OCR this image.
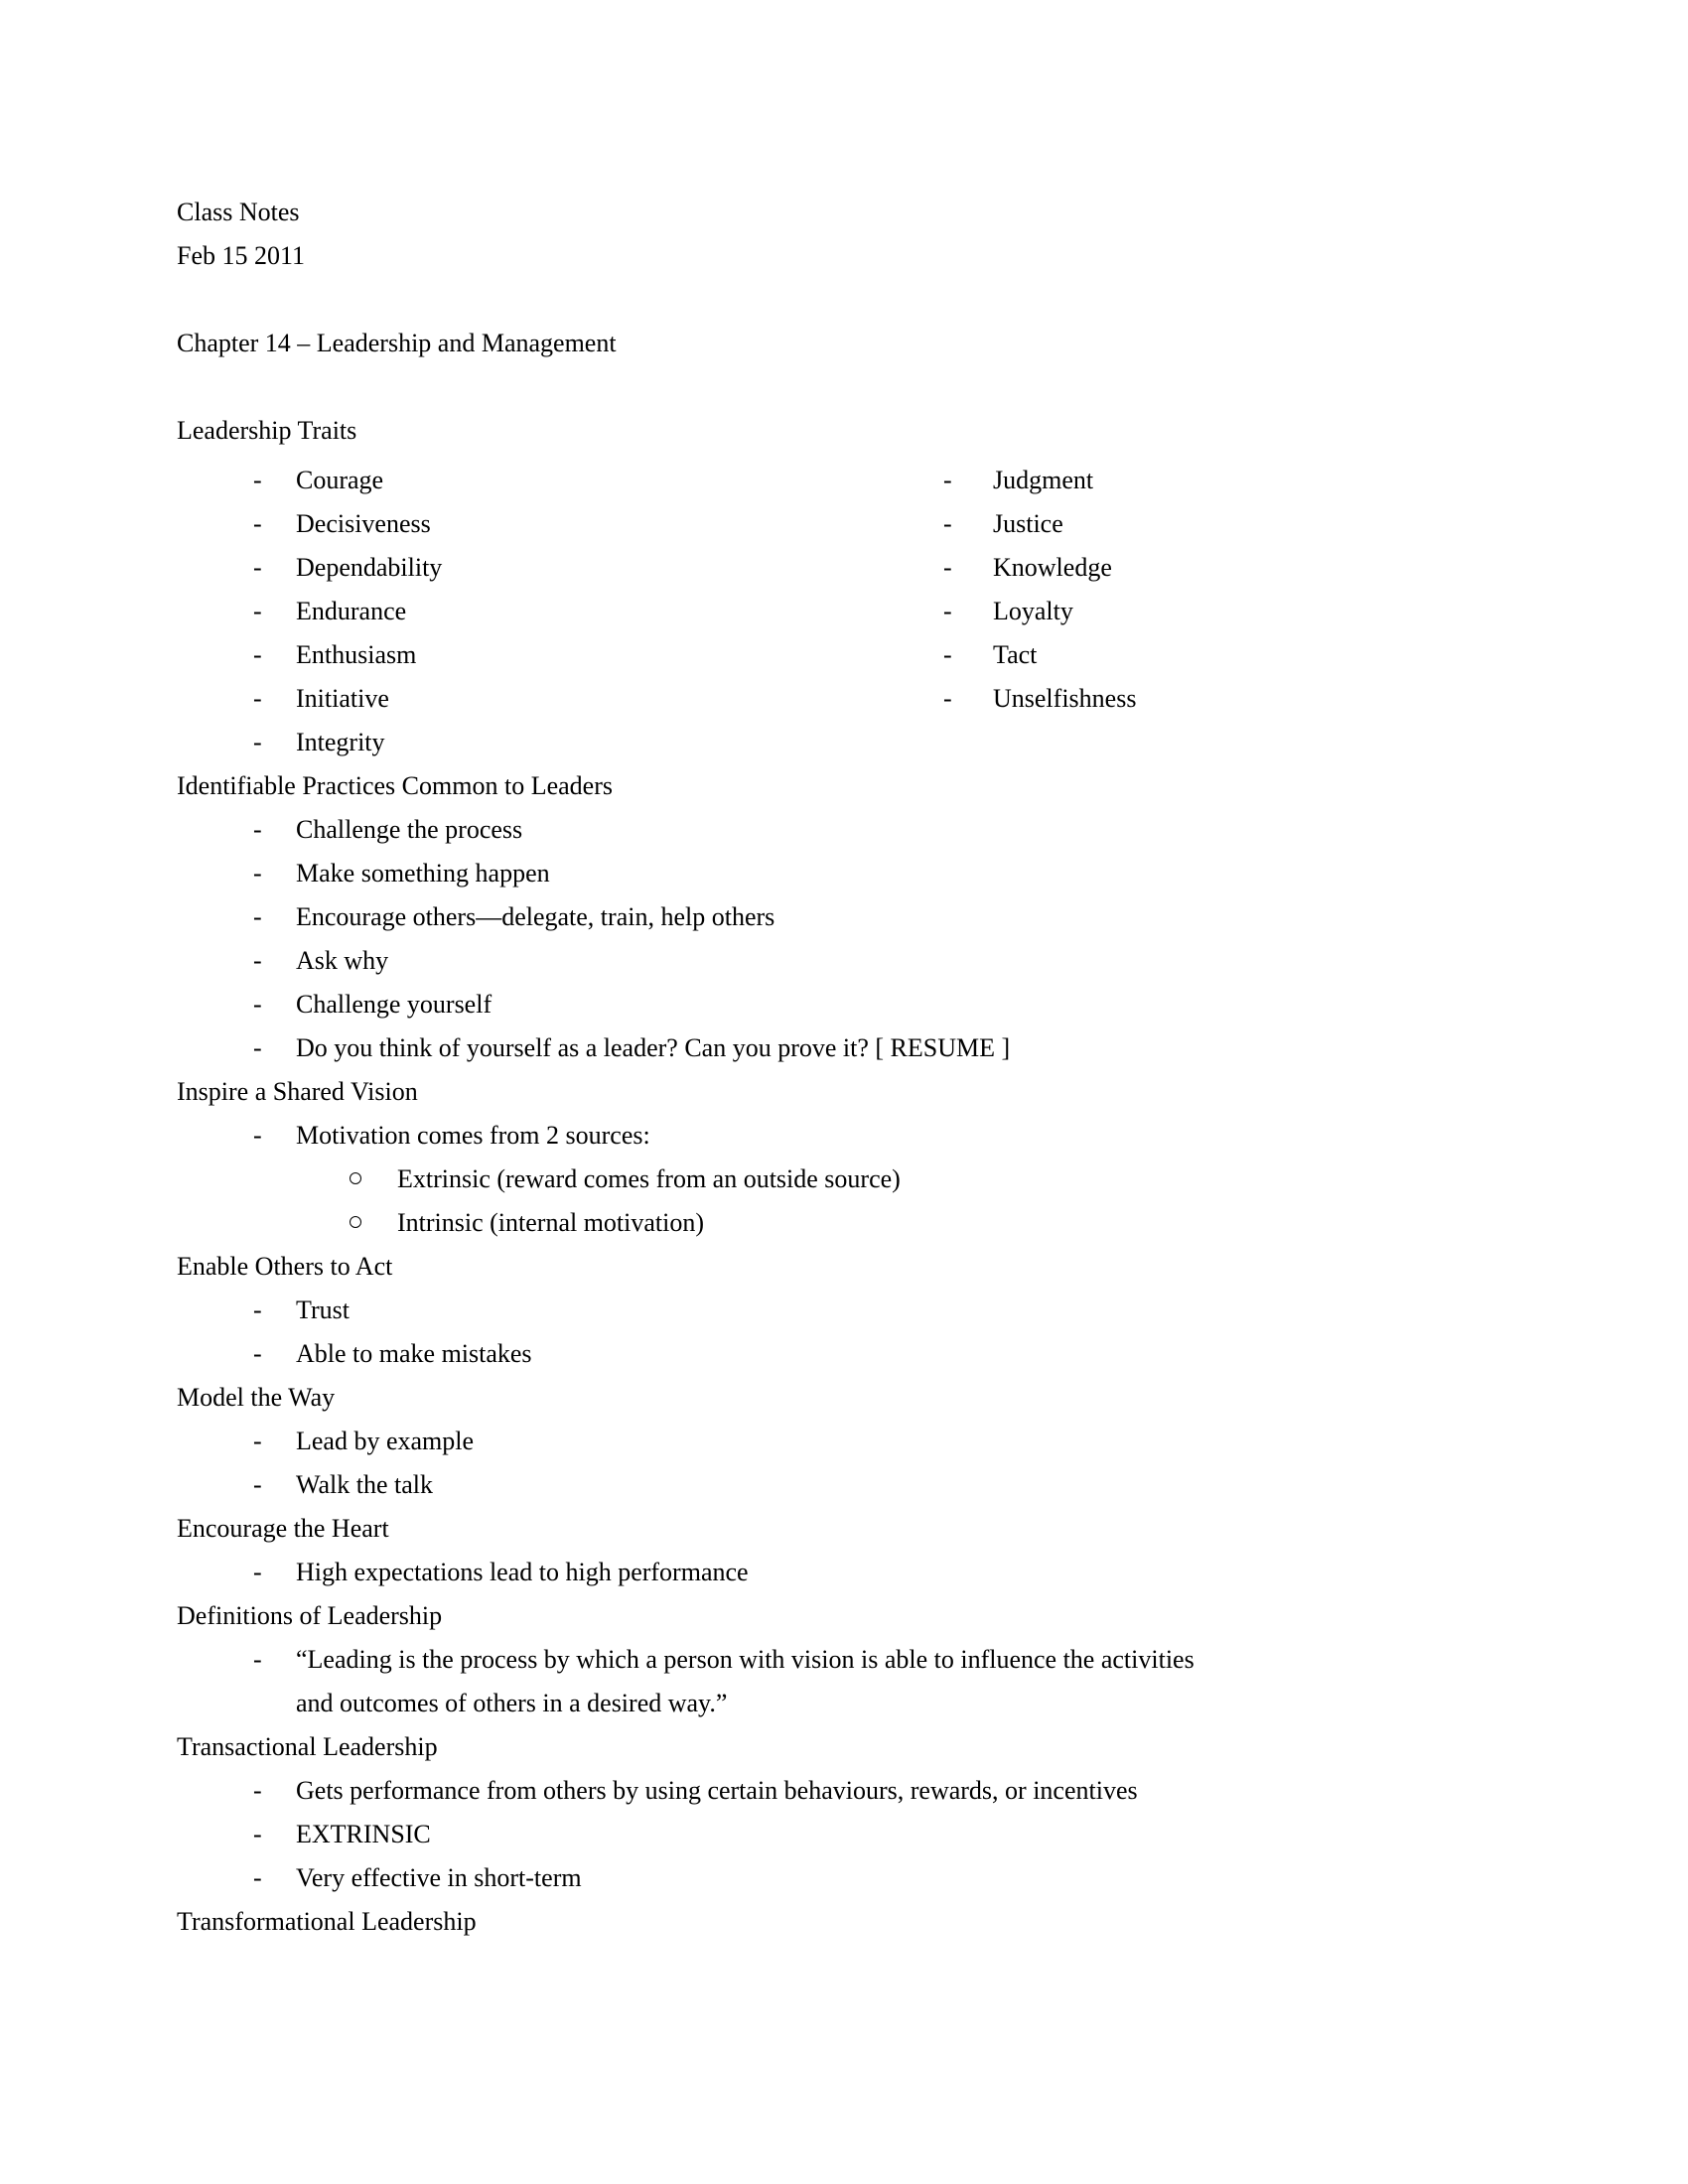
Class Notes
Feb 15 2011
Chapter 14 – Leadership and Management
Leadership Traits
- Courage	- Judgment
- Decisiveness	- Justice
- Dependability	- Knowledge
- Endurance	- Loyalty
- Enthusiasm	- Tact
- Initiative	- Unselfishness
- Integrity
Identifiable Practices Common to Leaders
- Challenge the process
- Make something happen
- Encourage others—delegate, train, help others
- Ask why
- Challenge yourself
- Do you think of yourself as a leader? Can you prove it? [ RESUME ]
Inspire a Shared Vision
- Motivation comes from 2 sources:
Extrinsic (reward comes from an outside source)
Intrinsic (internal motivation)
Enable Others to Act
- Trust
- Able to make mistakes
Model the Way
- Lead by example
- Walk the talk
Encourage the Heart
- High expectations lead to high performance
Definitions of Leadership
- “Leading is the process by which a person with vision is able to influence the activities
and outcomes of others in a desired way.”
Transactional Leadership
- Gets performance from others by using certain behaviours, rewards, or incentives
- EXTRINSIC
- Very effective in short-term
Transformational Leadership
